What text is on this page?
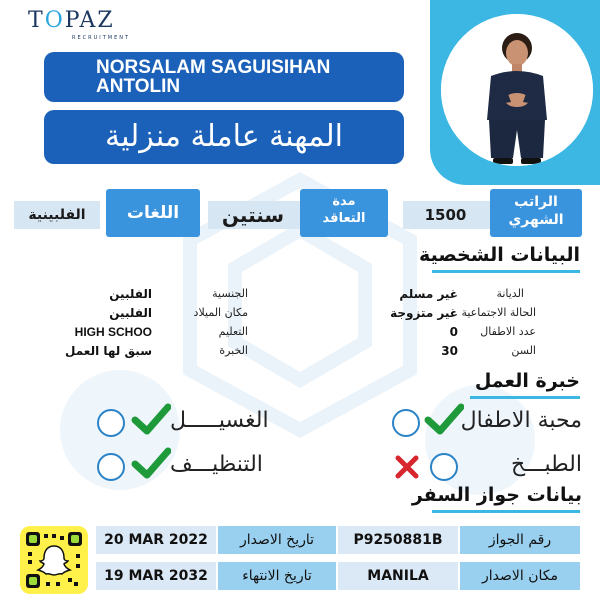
TOPAZ
RECRUITMENT
NORSALAM SAGUISIHAN
ANTOLIN
المهنة عاملة منزلية
الراتب الشهري
1500
مدة التعاقد
سنتين
اللغات
الفلبينية
البيانات الشخصية
الديانة
غير مسلم
الحالة الاجتماعية
غير متزوجة
عدد الاطفال
0
السن
30
الجنسية
الفلبين
مكان الميلاد
الفلبين
التعليم
HIGH SCHOO
الخبرة
سبق لها العمل
خبرة العمل
محبة الاطفال
الغسيـــــل
الطبـــخ
التنظيـــف
بيانات جواز السفر
رقم الجواز
P9250881B
تاريخ الاصدار
20 MAR 2022
مكان الاصدار
MANILA
تاريخ الانتهاء
19 MAR 2032
